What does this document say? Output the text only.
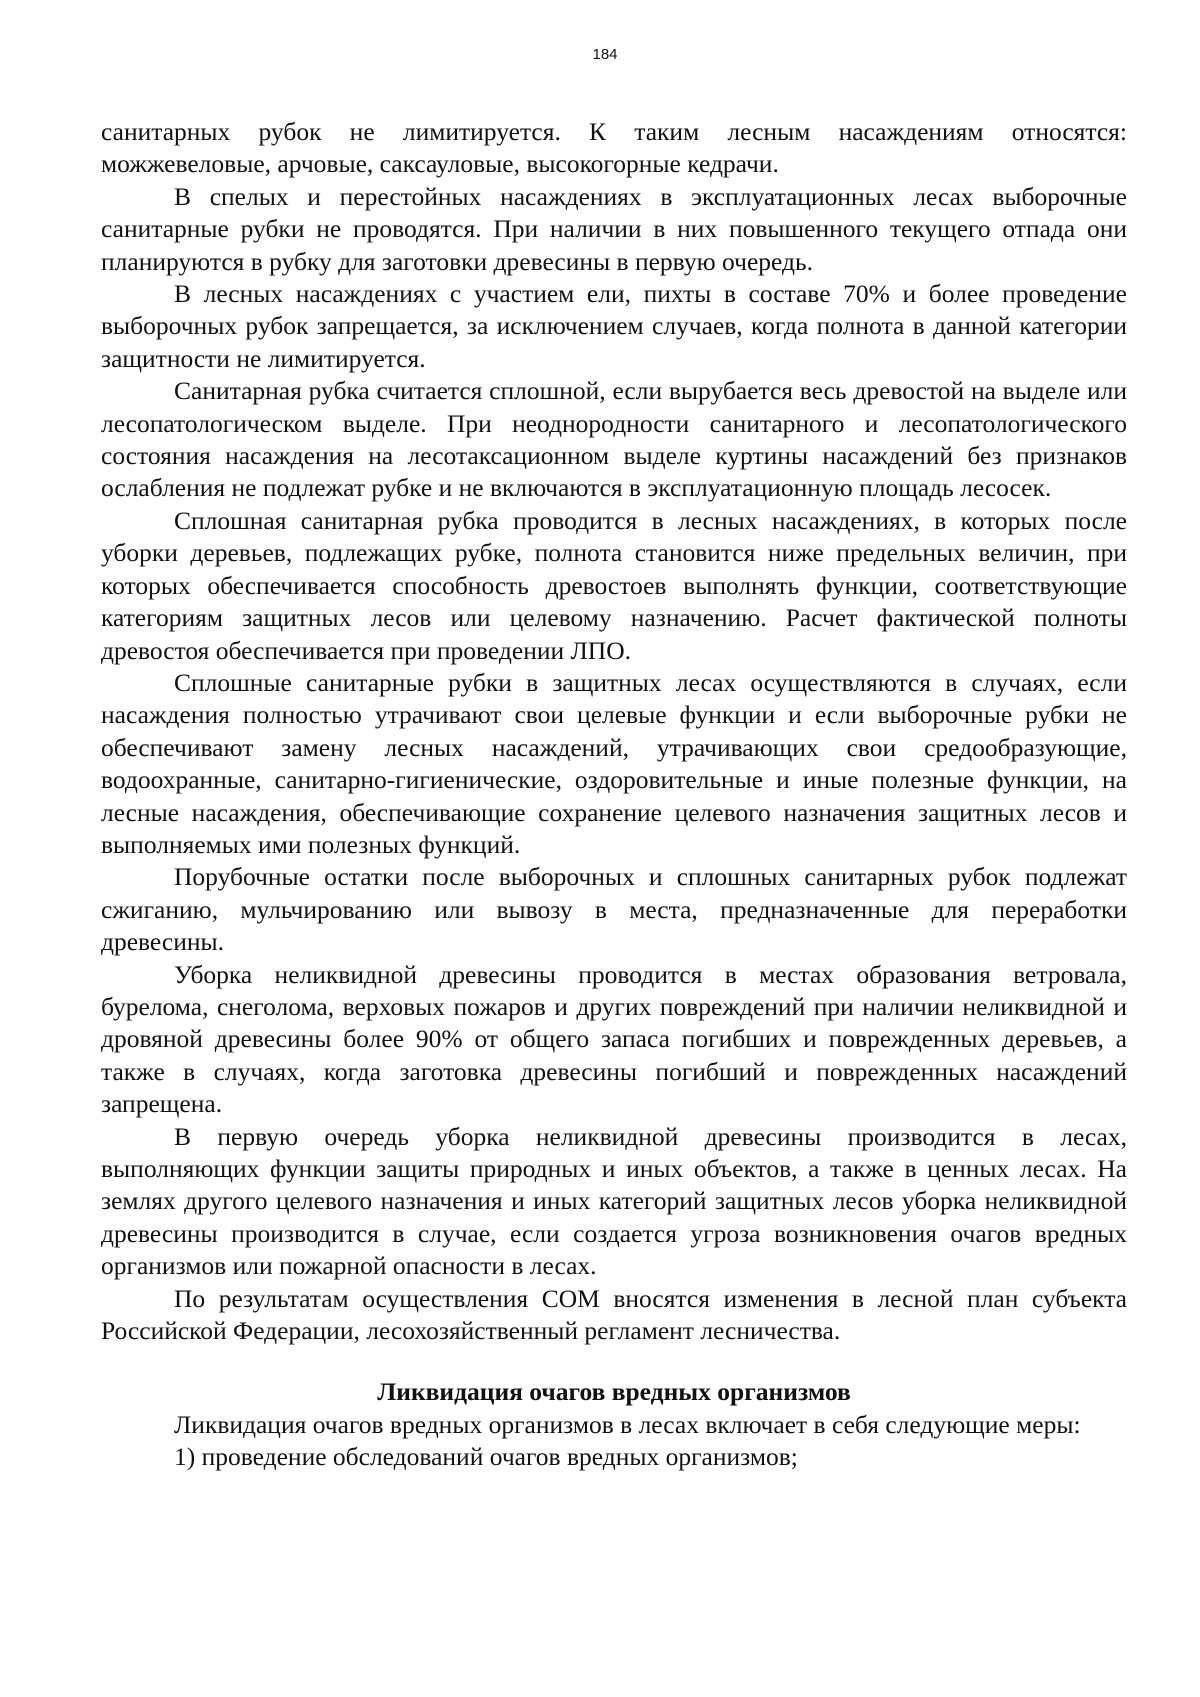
184

санитарных рубок не лимитируется. К таким лесным насаждениям относятся: можжевеловые, арчовые, саксауловые, высокогорные кедрачи.

В спелых и перестойных насаждениях в эксплуатационных лесах выборочные санитарные рубки не проводятся. При наличии в них повышенного текущего отпада они планируются в рубку для заготовки древесины в первую очередь.

В лесных насаждениях с участием ели, пихты в составе 70% и более проведение выборочных рубок запрещается, за исключением случаев, когда полнота в данной категории защитности не лимитируется.

Санитарная рубка считается сплошной, если вырубается весь древостой на выделе или лесопатологическом выделе. При неоднородности санитарного и лесопатологического состояния насаждения на лесотаксационном выделе куртины насаждений без признаков ослабления не подлежат рубке и не включаются в эксплуатационную площадь лесосек.

Сплошная санитарная рубка проводится в лесных насаждениях, в которых после уборки деревьев, подлежащих рубке, полнота становится ниже предельных величин, при которых обеспечивается способность древостоев выполнять функции, соответствующие категориям защитных лесов или целевому назначению. Расчет фактической полноты древостоя обеспечивается при проведении ЛПО.

Сплошные санитарные рубки в защитных лесах осуществляются в случаях, если насаждения полностью утрачивают свои целевые функции и если выборочные рубки не обеспечивают замену лесных насаждений, утрачивающих свои средообразующие, водоохранные, санитарно-гигиенические, оздоровительные и иные полезные функции, на лесные насаждения, обеспечивающие сохранение целевого назначения защитных лесов и выполняемых ими полезных функций.

Порубочные остатки после выборочных и сплошных санитарных рубок подлежат сжиганию, мульчированию или вывозу в места, предназначенные для переработки древесины.

Уборка неликвидной древесины проводится в местах образования ветровала, бурелома, снеголома, верховых пожаров и других повреждений при наличии неликвидной и дровяной древесины более 90% от общего запаса погибших и поврежденных деревьев, а также в случаях, когда заготовка древесины погибший и поврежденных насаждений запрещена.

В первую очередь уборка неликвидной древесины производится в лесах, выполняющих функции защиты природных и иных объектов, а также в ценных лесах. На землях другого целевого назначения и иных категорий защитных лесов уборка неликвидной древесины производится в случае, если создается угроза возникновения очагов вредных организмов или пожарной опасности в лесах.

По результатам осуществления СОМ вносятся изменения в лесной план субъекта Российской Федерации, лесохозяйственный регламент лесничества.

Ликвидация очагов вредных организмов

Ликвидация очагов вредных организмов в лесах включает в себя следующие меры:

1) проведение обследований очагов вредных организмов;
